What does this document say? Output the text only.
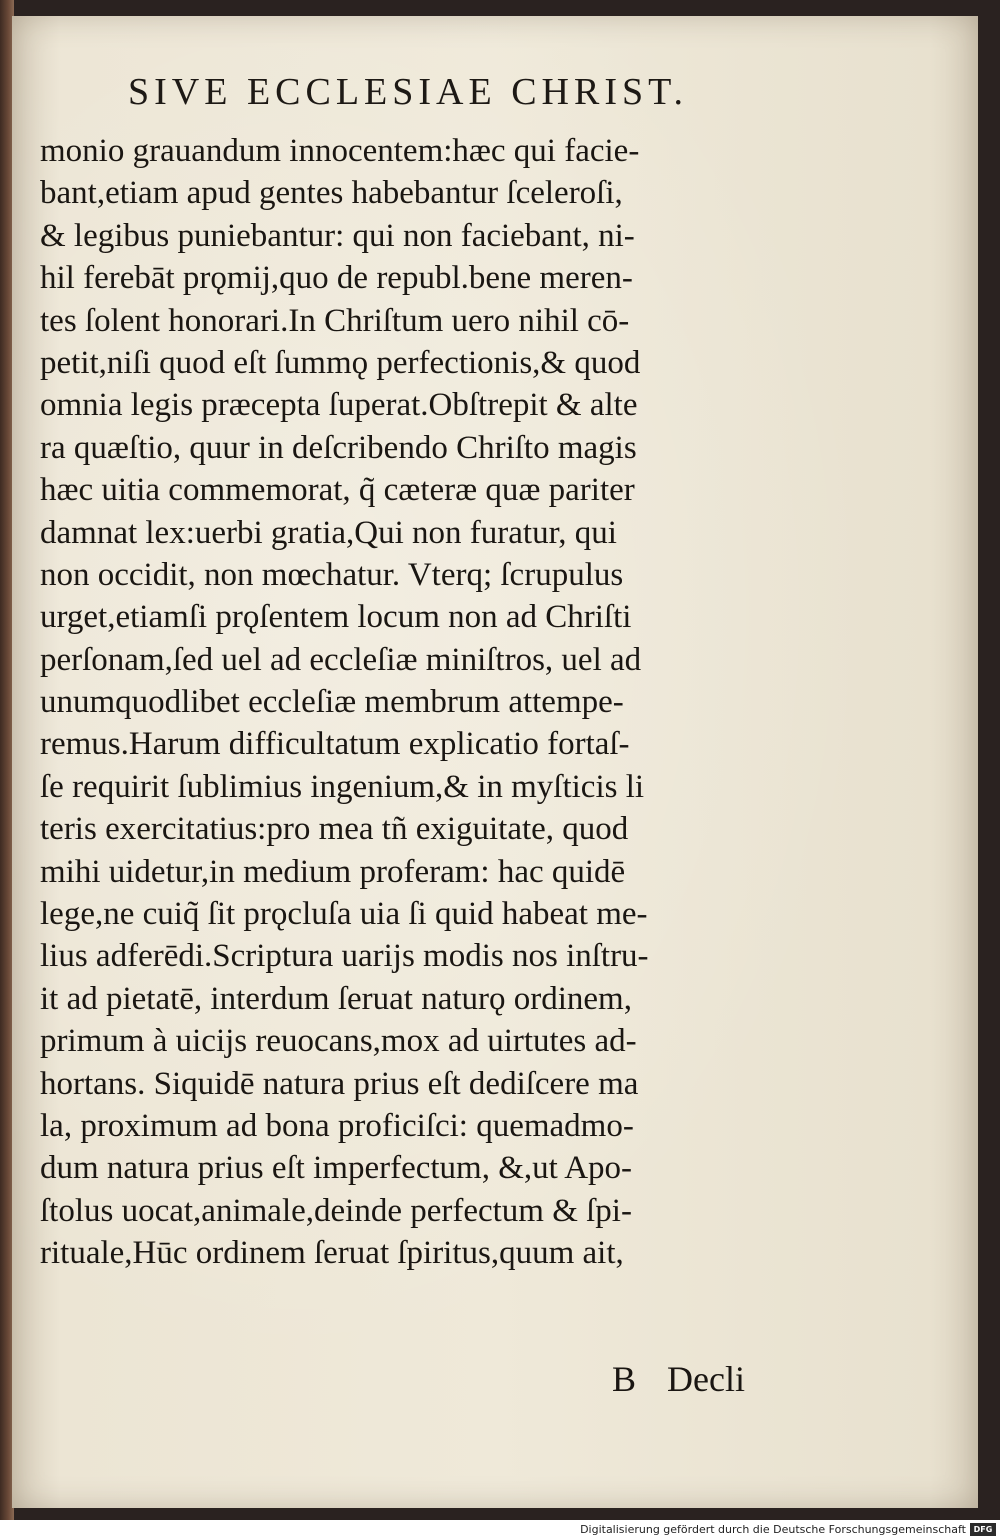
SIVE ECCLESIAE CHRIST.
monio grauandum innocentem:hæc qui facie-
bant,etiam apud gentes habebantur ſceleroſi,
& legibus puniebantur: qui non faciebant, ni-
hil ferebāt prǫmij,quo de republ.bene meren-
tes ſolent honorari.In Chriſtum uero nihil cō-
petit,niſi quod eſt ſummǫ perfectionis,& quod
omnia legis præcepta ſuperat.Obſtrepit & alte
ra quæſtio, quur in deſcribendo Chriſto magis
hæc uitia commemorat, q̃ cæteræ quæ pariter
damnat lex:uerbi gratia,Qui non furatur, qui
non occidit, non mœchatur. Vterq; ſcrupulus
urget,etiamſi prǫſentem locum non ad Chriſti
perſonam,ſed uel ad eccleſiæ miniſtros, uel ad
unumquodlibet eccleſiæ membrum attempe-
remus.Harum difficultatum explicatio fortaſ-
ſe requirit ſublimius ingenium,& in myſticis li
teris exercitatius:pro mea tñ exiguitate, quod
mihi uidetur,in medium proferam: hac quidē
lege,ne cuiq̃ ſit prǫcluſa uia ſi quid habeat me-
lius adferēdi.Scriptura uarijs modis nos inſtru-
it ad pietatē, interdum ſeruat naturǫ ordinem,
primum à uicijs reuocans,mox ad uirtutes ad-
hortans. Siquidē natura prius eſt dediſcere ma
la, proximum ad bona proficiſci: quemadmo-
dum natura prius eſt imperfectum, &,ut Apo-
ſtolus uocat,animale,deinde perfectum & ſpi-
rituale,Hūc ordinem ſeruat ſpiritus,quum ait,
B Decli
Digitalisierung gefördert durch die Deutsche Forschungsgemeinschaft DFG
